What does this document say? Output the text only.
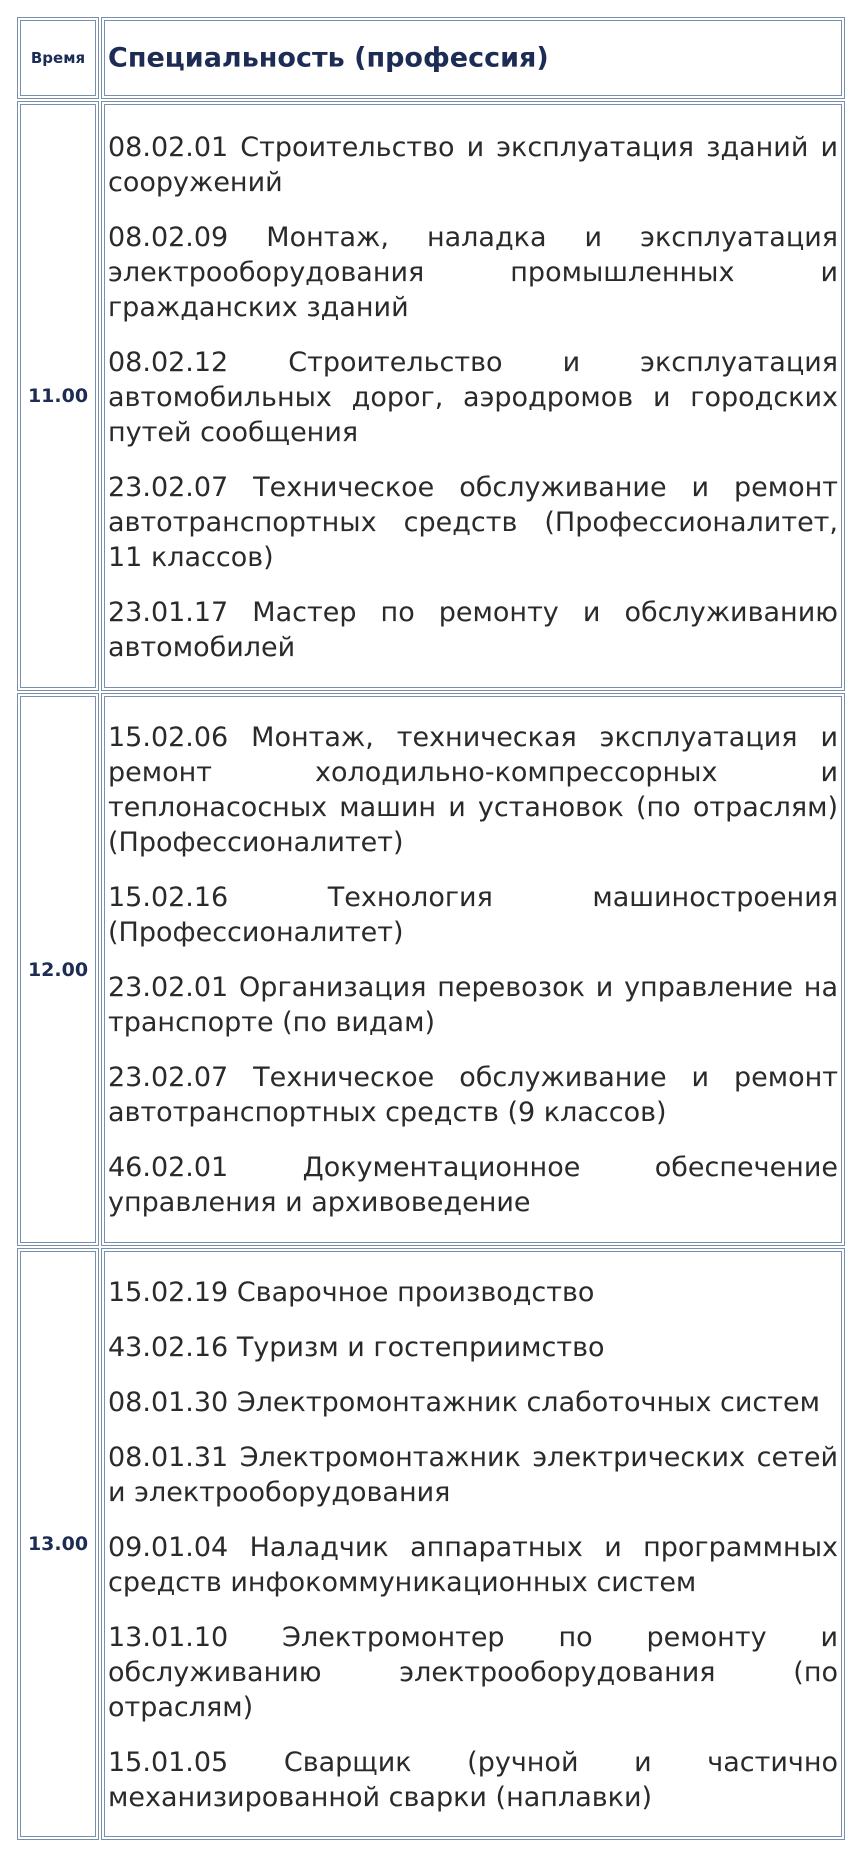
Время Специальность (профессия)
11.00

08.02.01 Строительство и эксплуатация зданий и сооружений

08.02.09 Монтаж, наладка и эксплуатация электрооборудования промышленных и гражданских зданий

08.02.12 Строительство и эксплуатация автомобильных дорог, аэродромов и городских путей сообщения

23.02.07 Техническое обслуживание и ремонт автотранспортных средств (Профессионалитет, 11 классов)

23.01.17 Мастер по ремонту и обслуживанию автомобилей

12.00

15.02.06 Монтаж, техническая эксплуатация и ремонт холодильно-компрессорных и теплонасосных машин и установок (по отраслям) (Профессионалитет)

15.02.16 Технология машиностроения (Профессионалитет)

23.02.01 Организация перевозок и управление на транспорте (по видам)

23.02.07 Техническое обслуживание и ремонт автотранспортных средств (9 классов)

46.02.01 Документационное обеспечение управления и архивоведение

13.00

15.02.19 Сварочное производство

43.02.16 Туризм и гостеприимство

08.01.30 Электромонтажник слаботочных систем

08.01.31 Электромонтажник электрических сетей и электрооборудования

09.01.04 Наладчик аппаратных и программных средств инфокоммуникационных систем

13.01.10 Электромонтер по ремонту и обслуживанию электрооборудования (по отраслям)

15.01.05 Сварщик (ручной и частично механизированной сварки (наплавки)
